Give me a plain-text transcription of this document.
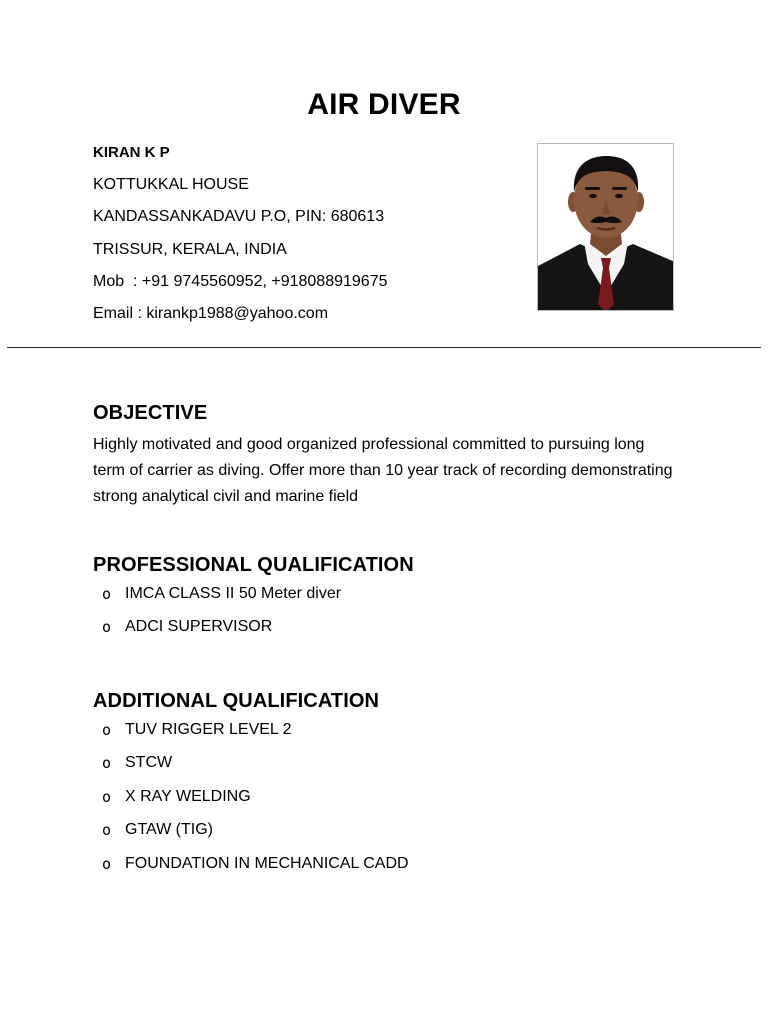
AIR DIVER
KIRAN K P
KOTTUKKAL HOUSE
KANDASSANKADAVU P.O, PIN: 680613
TRISSUR, KERALA, INDIA
Mob  : +91 9745560952, +918088919675
Email : kirankp1988@yahoo.com
OBJECTIVE

Highly motivated and good organized professional committed to pursuing long term of carrier as diving. Offer more than 10 year track of recording demonstrating strong analytical civil and marine field

PROFESSIONAL QUALIFICATION
o IMCA CLASS II 50 Meter diver
o ADCI SUPERVISOR
ADDITIONAL QUALIFICATION
o TUV RIGGER LEVEL 2
o STCW
o X RAY WELDING
o GTAW (TIG)
o FOUNDATION IN MECHANICAL CADD
